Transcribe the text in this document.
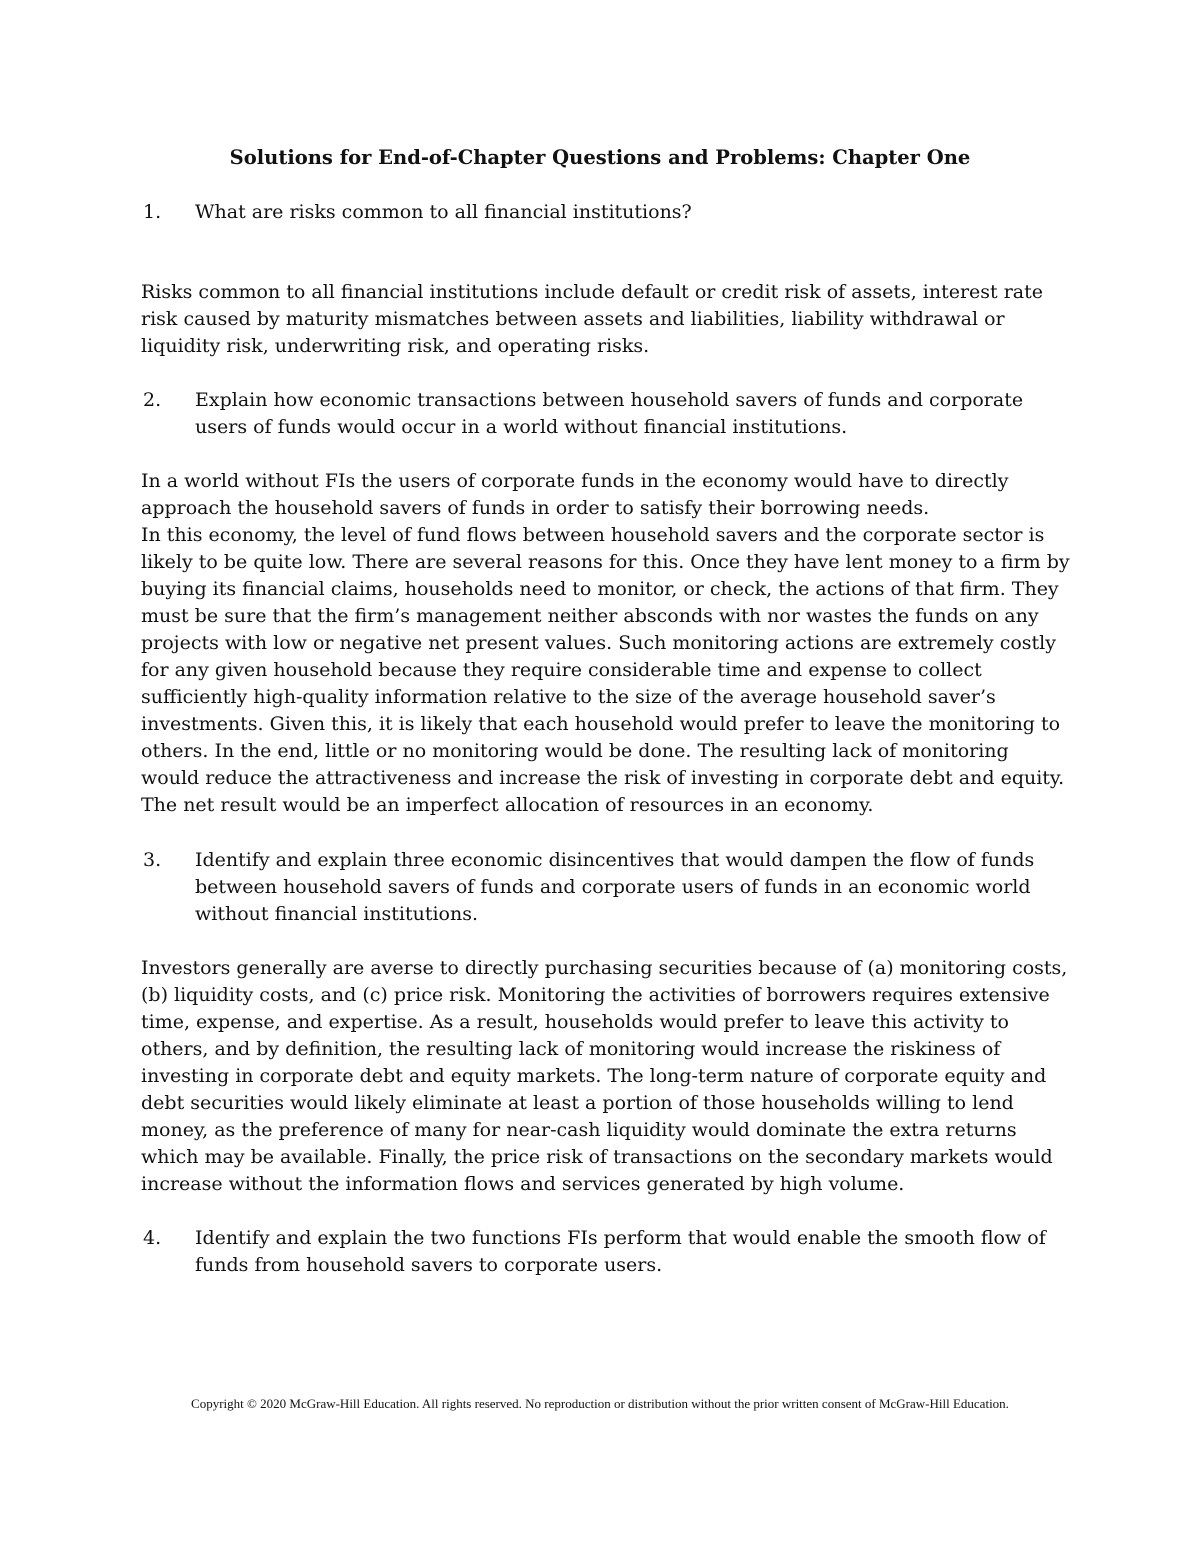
Solutions for End-of-Chapter Questions and Problems: Chapter One
1.	What are risks common to all financial institutions?

Risks common to all financial institutions include default or credit risk of assets, interest rate risk caused by maturity mismatches between assets and liabilities, liability withdrawal or liquidity risk, underwriting risk, and operating risks.

2.	Explain how economic transactions between household savers of funds and corporate users of funds would occur in a world without financial institutions.

In a world without FIs the users of corporate funds in the economy would have to directly approach the household savers of funds in order to satisfy their borrowing needs.

In this economy, the level of fund flows between household savers and the corporate sector is likely to be quite low. There are several reasons for this. Once they have lent money to a firm by buying its financial claims, households need to monitor, or check, the actions of that firm. They must be sure that the firm’s management neither absconds with nor wastes the funds on any projects with low or negative net present values. Such monitoring actions are extremely costly for any given household because they require considerable time and expense to collect sufficiently high-quality information relative to the size of the average household saver’s investments. Given this, it is likely that each household would prefer to leave the monitoring to others. In the end, little or no monitoring would be done. The resulting lack of monitoring would reduce the attractiveness and increase the risk of investing in corporate debt and equity.

The net result would be an imperfect allocation of resources in an economy.

3.	Identify and explain three economic disincentives that would dampen the flow of funds between household savers of funds and corporate users of funds in an economic world without financial institutions.

Investors generally are averse to directly purchasing securities because of (a) monitoring costs, (b) liquidity costs, and (c) price risk. Monitoring the activities of borrowers requires extensive time, expense, and expertise. As a result, households would prefer to leave this activity to others, and by definition, the resulting lack of monitoring would increase the riskiness of investing in corporate debt and equity markets. The long-term nature of corporate equity and debt securities would likely eliminate at least a portion of those households willing to lend money, as the preference of many for near-cash liquidity would dominate the extra returns which may be available. Finally, the price risk of transactions on the secondary markets would increase without the information flows and services generated by high volume.

4.	Identify and explain the two functions FIs perform that would enable the smooth flow of funds from household savers to corporate users.
Copyright © 2020 McGraw-Hill Education. All rights reserved. No reproduction or distribution without the prior written consent of McGraw-Hill Education.
